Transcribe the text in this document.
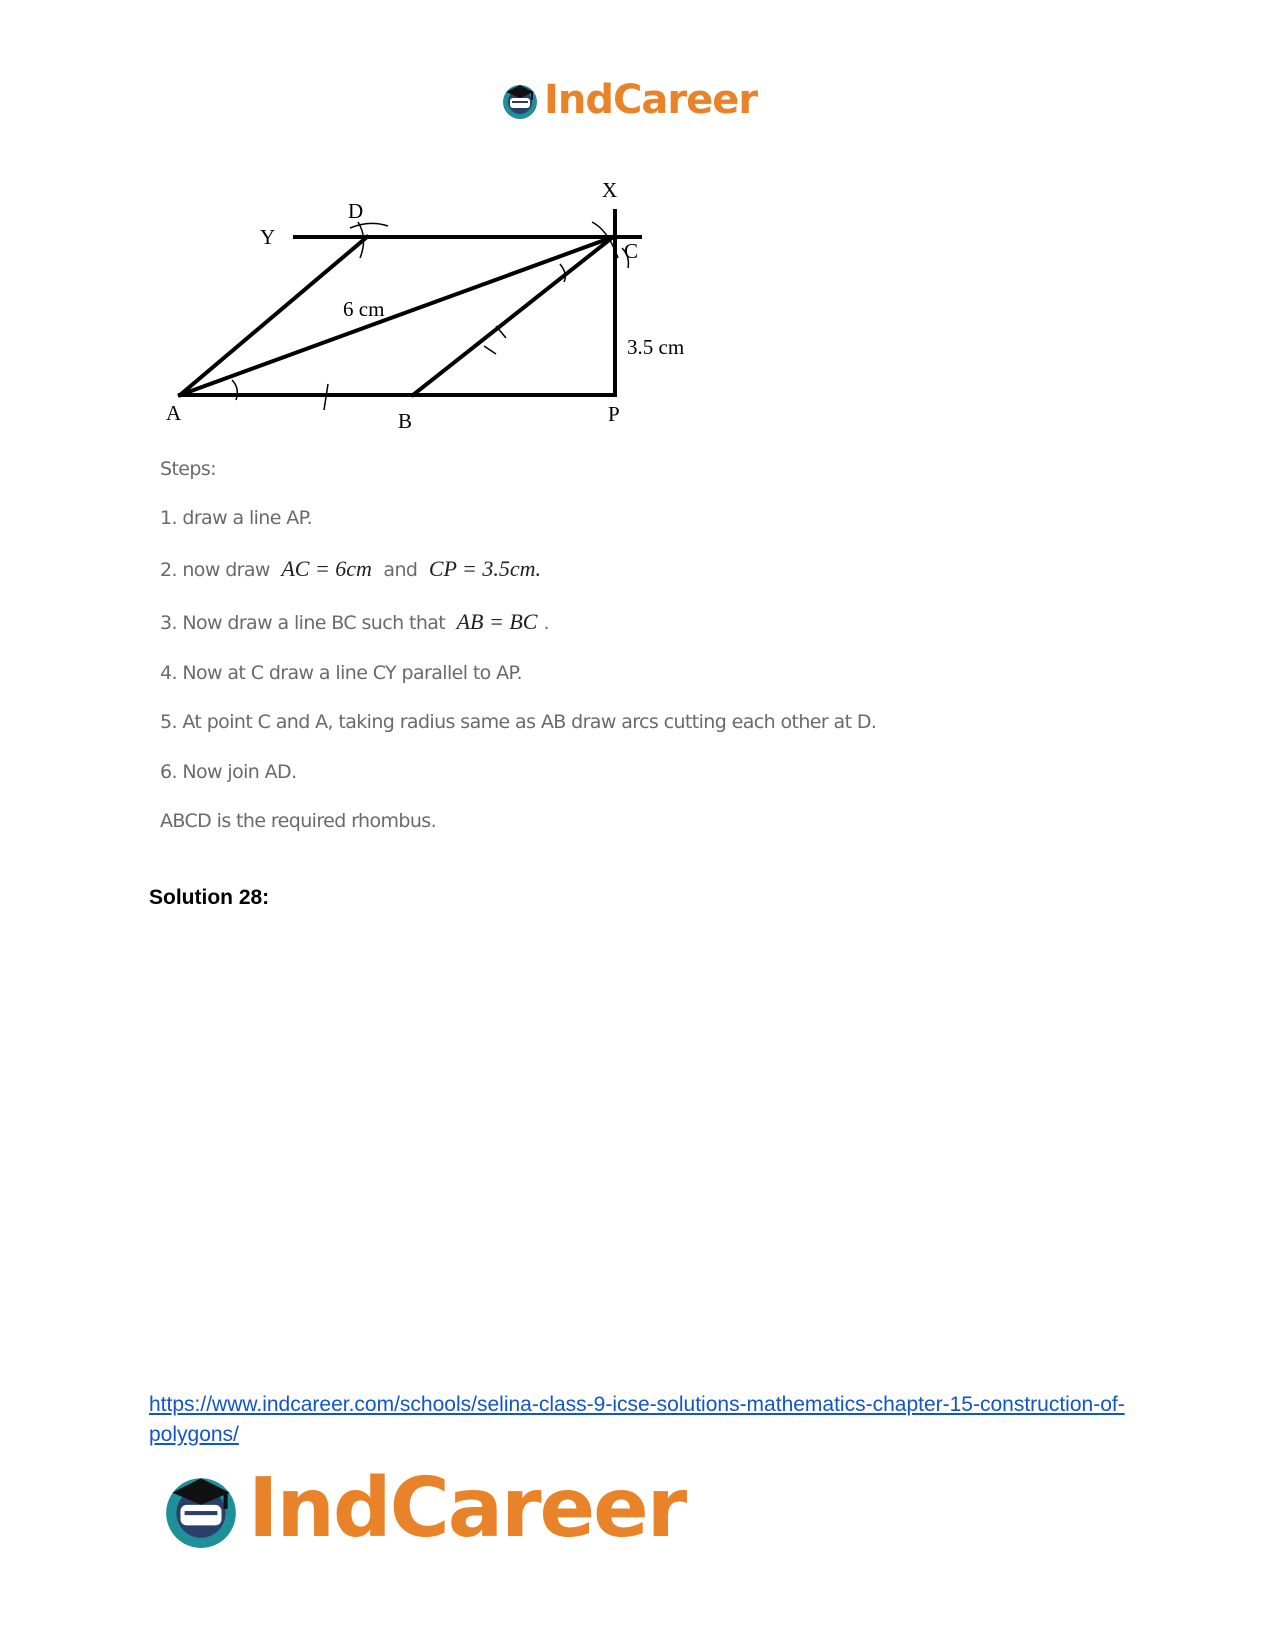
IndCareer
X
Y
D
C
A	B	P
6 cm
3.5 cm
Steps:
1. draw a line AP.
2. now draw AC = 6cm and CP = 3.5cm.
3. Now draw a line BC such that AB = BC .
4. Now at C draw a line CY parallel to AP.
5. At point C and A, taking radius same as AB draw arcs cutting each other at D.
6. Now join AD.
ABCD is the required rhombus.
Solution 28:
https://www.indcareer.com/schools/selina-class-9-icse-solutions-mathematics-chapter-15-construction-of-polygons/
IndCareer
